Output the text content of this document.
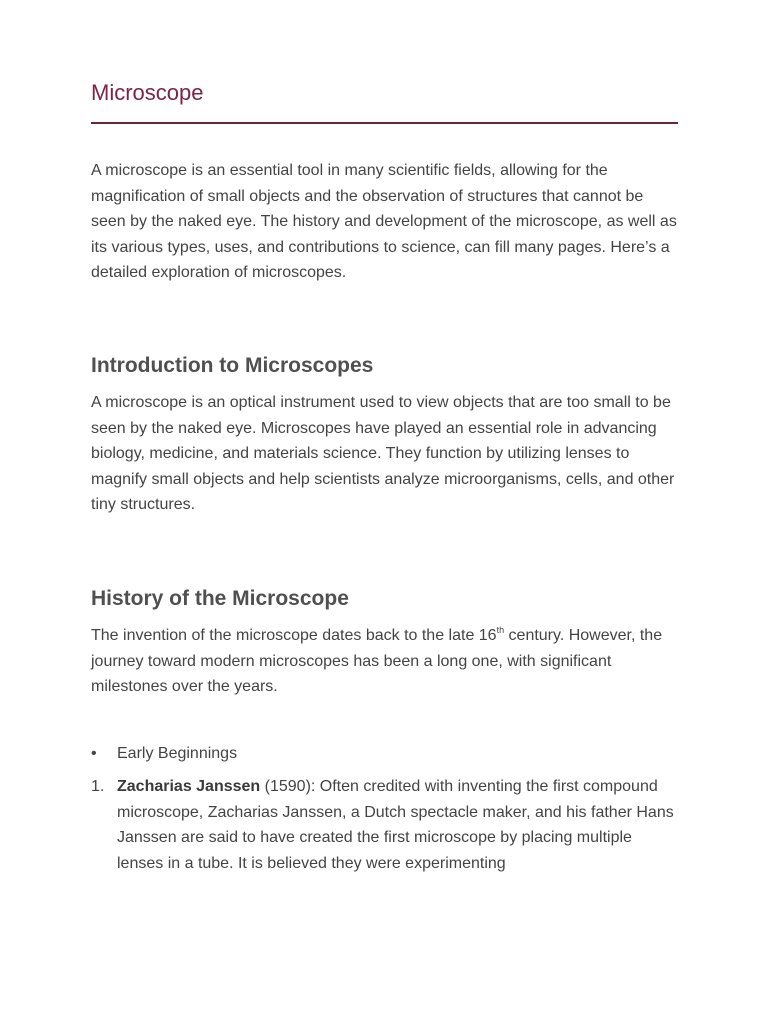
Microscope

A microscope is an essential tool in many scientific fields, allowing for the magnification of small objects and the observation of structures that cannot be seen by the naked eye. The history and development of the microscope, as well as its various types, uses, and contributions to science, can fill many pages. Here’s a detailed exploration of microscopes.

Introduction to Microscopes

A microscope is an optical instrument used to view objects that are too small to be seen by the naked eye. Microscopes have played an essential role in advancing biology, medicine, and materials science. They function by utilizing lenses to magnify small objects and help scientists analyze microorganisms, cells, and other tiny structures.

History of the Microscope

The invention of the microscope dates back to the late 16th century. However, the journey toward modern microscopes has been a long one, with significant milestones over the years.

•	Early Beginnings
1. Zacharias Janssen (1590): Often credited with inventing the first compound microscope, Zacharias Janssen, a Dutch spectacle maker, and his father Hans Janssen are said to have created the first microscope by placing multiple lenses in a tube. It is believed they were experimenting
